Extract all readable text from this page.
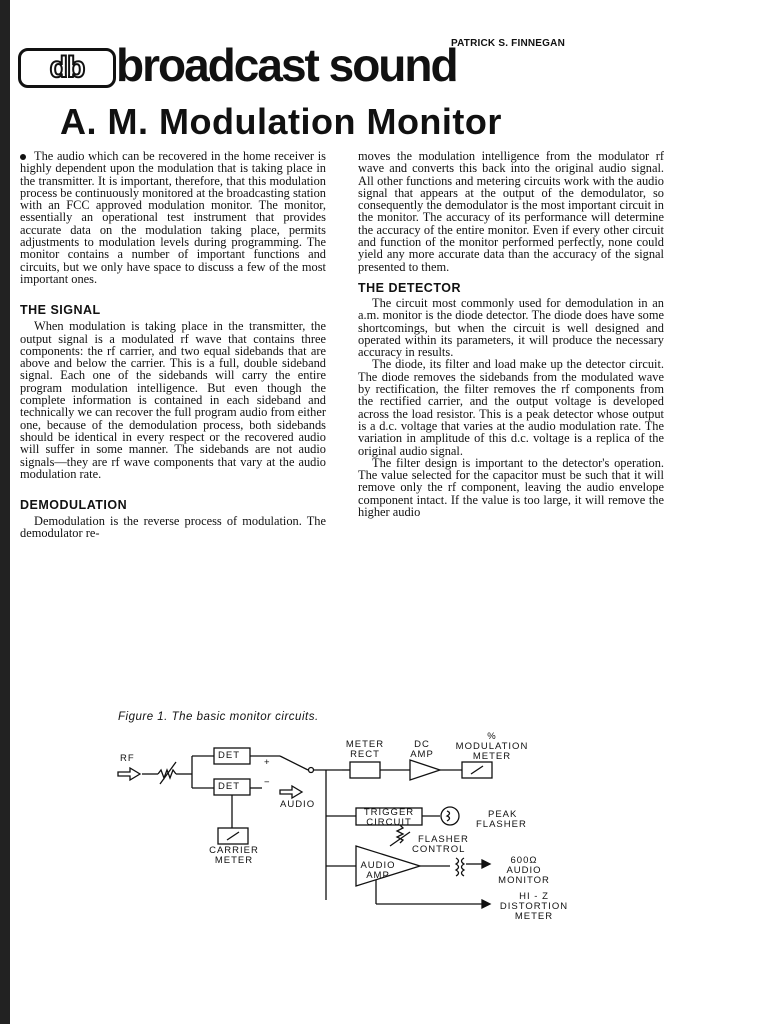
db broadcast sound
PATRICK S. FINNEGAN
A. M. Modulation Monitor

The audio which can be recovered in the home receiver is highly dependent upon the modulation that is taking place in the transmitter. It is important, therefore, that this modulation process be continuously monitored at the broadcasting station with an FCC approved modulation monitor. The monitor, essentially an operational test instrument that provides accurate data on the modulation taking place, permits adjustments to modulation levels during programming. The monitor contains a number of important functions and circuits, but we only have space to discuss a few of the most important ones.

THE SIGNAL

When modulation is taking place in the transmitter, the output signal is a modulated rf wave that contains three components: the rf carrier, and two equal sidebands that are above and below the carrier. This is a full, double sideband signal. Each one of the sidebands will carry the entire program modulation intelligence. But even though the complete information is contained in each sideband and technically we can recover the full program audio from either one, because of the demodulation process, both sidebands should be identical in every respect or the recovered audio will suffer in some manner. The sidebands are not audio signals—they are rf wave components that vary at the audio modulation rate.

DEMODULATION

Demodulation is the reverse process of modulation. The demodulator re-

moves the modulation intelligence from the modulator rf wave and converts this back into the original audio signal. All other functions and metering circuits work with the audio signal that appears at the output of the demodulator, so consequently the demodulator is the most important circuit in the monitor. The accuracy of its performance will determine the accuracy of the entire monitor. Even if every other circuit and function of the monitor performed perfectly, none could yield any more accurate data than the accuracy of the signal presented to them.

THE DETECTOR

The circuit most commonly used for demodulation in an a.m. monitor is the diode detector. The diode does have some shortcomings, but when the circuit is well designed and operated within its parameters, it will produce the necessary accuracy in results.

The diode, its filter and load make up the detector circuit. The diode removes the sidebands from the modulated wave by rectification, the filter removes the rf components from the rectified carrier, and the output voltage is developed across the load resistor. This is a peak detector whose output is a d.c. voltage that varies at the audio modulation rate. The variation in amplitude of this d.c. voltage is a replica of the original audio signal.

The filter design is important to the detector's operation. The value selected for the capacitor must be such that it will remove only the rf component, leaving the audio envelope component intact. If the value is too large, it will remove the higher audio

Figure 1. The basic monitor circuits.
RF	DET
DET
+
−
AUDIO
CARRIER
METER
METER
RECT
DC
AMP
%
MODULATION
METER
TRIGGER
CIRCUIT
PEAK
FLASHER
FLASHER
CONTROL
AUDIO
AMP
600Ω
AUDIO
MONITOR
HI - Z
DISTORTION
METER
